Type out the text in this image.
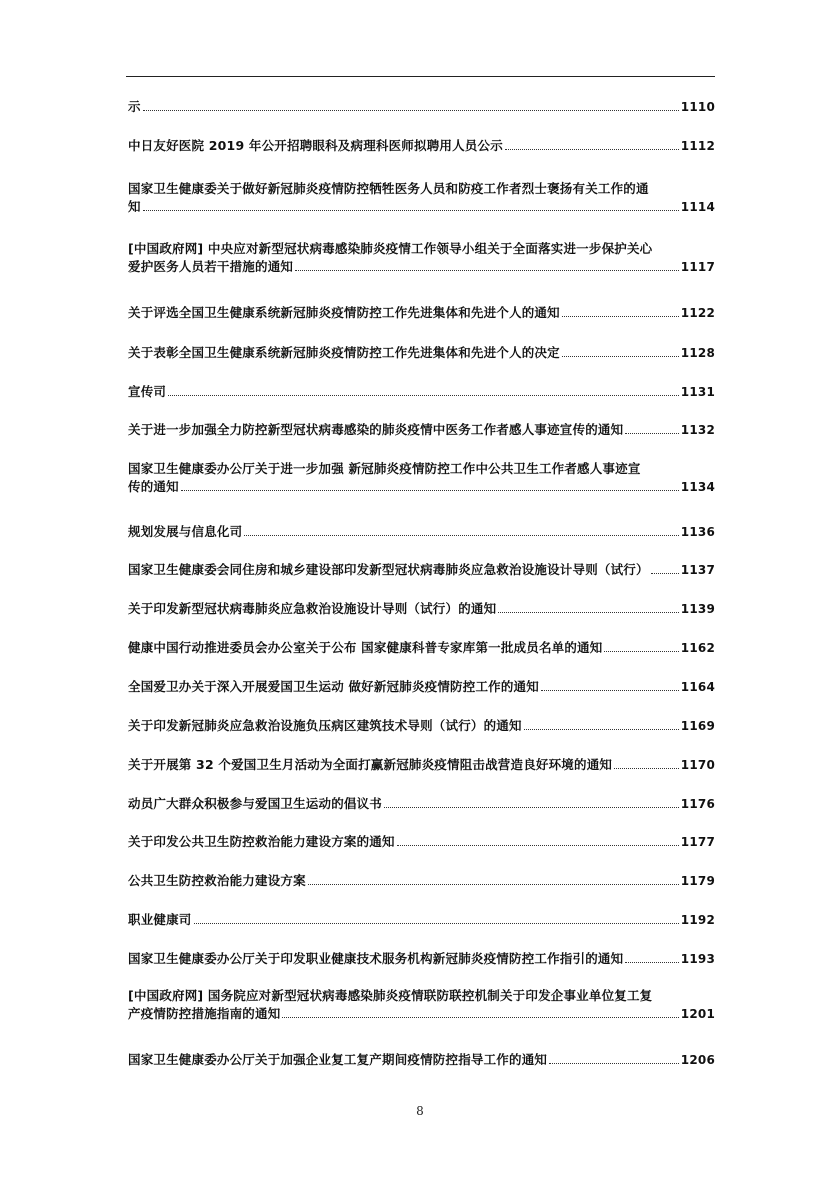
示	1110
中日友好医院 2019 年公开招聘眼科及病理科医师拟聘用人员公示	1112
国家卫生健康委关于做好新冠肺炎疫情防控牺牲医务人员和防疫工作者烈士褒扬有关工作的通
知	1114
[中国政府网] 中央应对新型冠状病毒感染肺炎疫情工作领导小组关于全面落实进一步保护关心
爱护医务人员若干措施的通知	1117
关于评选全国卫生健康系统新冠肺炎疫情防控工作先进集体和先进个人的通知	1122
关于表彰全国卫生健康系统新冠肺炎疫情防控工作先进集体和先进个人的决定	1128
宣传司	1131
关于进一步加强全力防控新型冠状病毒感染的肺炎疫情中医务工作者感人事迹宣传的通知	1132
国家卫生健康委办公厅关于进一步加强 新冠肺炎疫情防控工作中公共卫生工作者感人事迹宣
传的通知	1134
规划发展与信息化司	1136
国家卫生健康委会同住房和城乡建设部印发新型冠状病毒肺炎应急救治设施设计导则（试行）	1137
关于印发新型冠状病毒肺炎应急救治设施设计导则（试行）的通知	1139
健康中国行动推进委员会办公室关于公布 国家健康科普专家库第一批成员名单的通知	1162
全国爱卫办关于深入开展爱国卫生运动 做好新冠肺炎疫情防控工作的通知	1164
关于印发新冠肺炎应急救治设施负压病区建筑技术导则（试行）的通知	1169
关于开展第 32 个爱国卫生月活动为全面打赢新冠肺炎疫情阻击战营造良好环境的通知	1170
动员广大群众积极参与爱国卫生运动的倡议书	1176
关于印发公共卫生防控救治能力建设方案的通知	1177
公共卫生防控救治能力建设方案	1179
职业健康司	1192
国家卫生健康委办公厅关于印发职业健康技术服务机构新冠肺炎疫情防控工作指引的通知	1193
[中国政府网] 国务院应对新型冠状病毒感染肺炎疫情联防联控机制关于印发企事业单位复工复
产疫情防控措施指南的通知	1201
国家卫生健康委办公厅关于加强企业复工复产期间疫情防控指导工作的通知	1206
8
